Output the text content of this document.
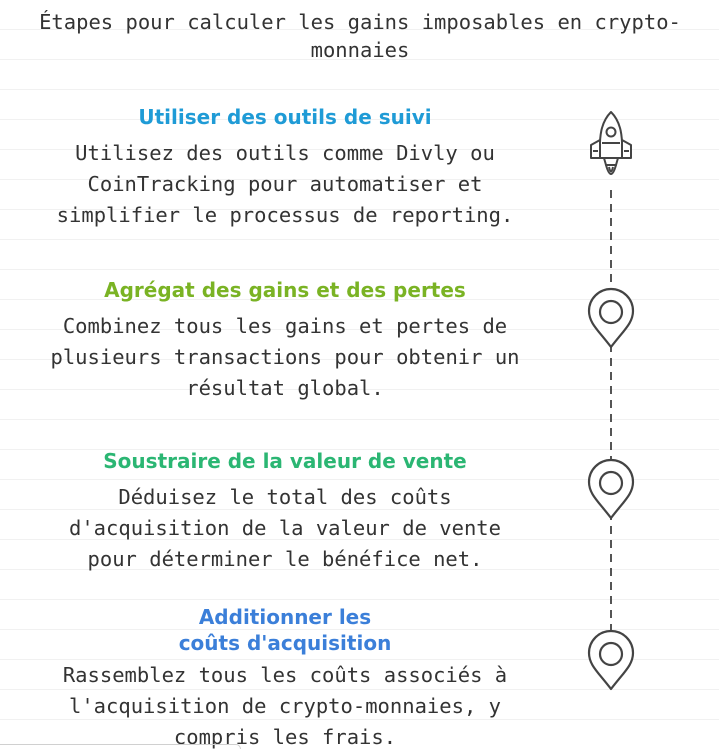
Étapes pour calculer les gains imposables en crypto-monnaies
Utiliser des outils de suivi
Utilisez des outils comme Divly ou CoinTracking pour automatiser et simplifier le processus de reporting.
Agrégat des gains et des pertes
Combinez tous les gains et pertes de plusieurs transactions pour obtenir un résultat global.
Soustraire de la valeur de vente
Déduisez le total des coûts d'acquisition de la valeur de vente pour déterminer le bénéfice net.
Additionner les coûts d'acquisition
Rassemblez tous les coûts associés à l'acquisition de crypto-monnaies, y compris les frais.
